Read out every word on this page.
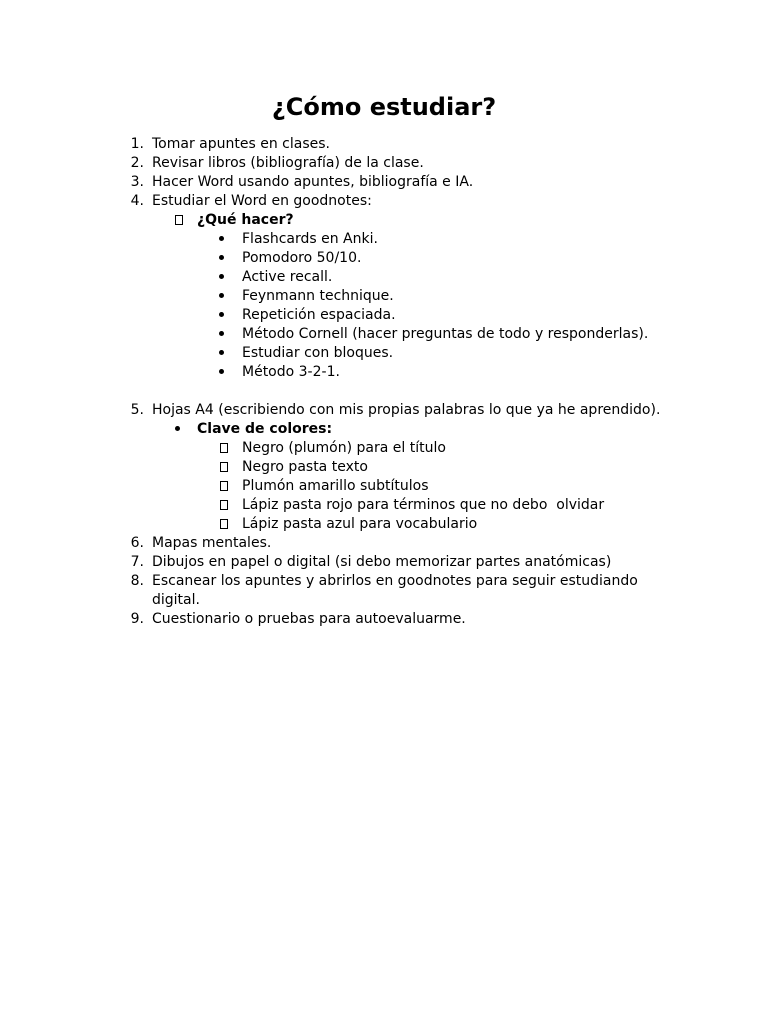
¿Cómo estudiar?
1. Tomar apuntes en clases.
2. Revisar libros (bibliografía) de la clase.
3. Hacer Word usando apuntes, bibliografía e IA.
4. Estudiar el Word en goodnotes:
¿Qué hacer?
Flashcards en Anki.
Pomodoro 50/10.
Active recall.
Feynmann technique.
Repetición espaciada.
Método Cornell (hacer preguntas de todo y responderlas).
Estudiar con bloques.
Método 3-2-1.
5. Hojas A4 (escribiendo con mis propias palabras lo que ya he aprendido).
Clave de colores:
Negro (plumón) para el título
Negro pasta texto
Plumón amarillo subtítulos
Lápiz pasta rojo para términos que no debo  olvidar
Lápiz pasta azul para vocabulario
6. Mapas mentales.
7. Dibujos en papel o digital (si debo memorizar partes anatómicas)
8. Escanear los apuntes y abrirlos en goodnotes para seguir estudiando
digital.
9. Cuestionario o pruebas para autoevaluarme.
